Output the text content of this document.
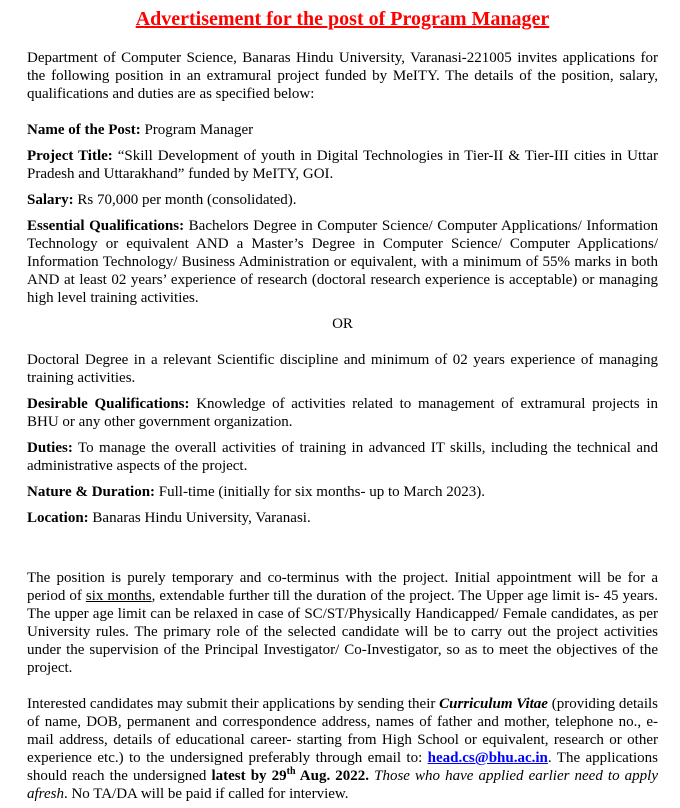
Advertisement for the post of Program Manager

Department of Computer Science, Banaras Hindu University, Varanasi-221005 invites applications for the following position in an extramural project funded by MeITY. The details of the position, salary, qualifications and duties are as specified below:

Name of the Post: Program Manager

Project Title: “Skill Development of youth in Digital Technologies in Tier-II & Tier-III cities in Uttar Pradesh and Uttarakhand” funded by MeITY, GOI.

Salary: Rs 70,000 per month (consolidated).

Essential Qualifications: Bachelors Degree in Computer Science/ Computer Applications/ Information Technology or equivalent AND a Master’s Degree in Computer Science/ Computer Applications/ Information Technology/ Business Administration or equivalent, with a minimum of 55% marks in both AND at least 02 years’ experience of research (doctoral research experience is acceptable) or managing high level training activities.

OR

Doctoral Degree in a relevant Scientific discipline and minimum of 02 years experience of managing training activities.

Desirable Qualifications: Knowledge of activities related to management of extramural projects in BHU or any other government organization.

Duties: To manage the overall activities of training in advanced IT skills, including the technical and administrative aspects of the project.

Nature & Duration: Full-time (initially for six months- up to March 2023).

Location: Banaras Hindu University, Varanasi.

The position is purely temporary and co-terminus with the project. Initial appointment will be for a period of six months, extendable further till the duration of the project. The Upper age limit is- 45 years. The upper age limit can be relaxed in case of SC/ST/Physically Handicapped/ Female candidates, as per University rules. The primary role of the selected candidate will be to carry out the project activities under the supervision of the Principal Investigator/ Co-Investigator, so as to meet the objectives of the project.

Interested candidates may submit their applications by sending their Curriculum Vitae (providing details of name, DOB, permanent and correspondence address, names of father and mother, telephone no., e-mail address, details of educational career- starting from High School or equivalent, research or other experience etc.) to the undersigned preferably through email to: head.cs@bhu.ac.in. The applications should reach the undersigned latest by 29th Aug. 2022. Those who have applied earlier need to apply afresh. No TA/DA will be paid if called for interview.
